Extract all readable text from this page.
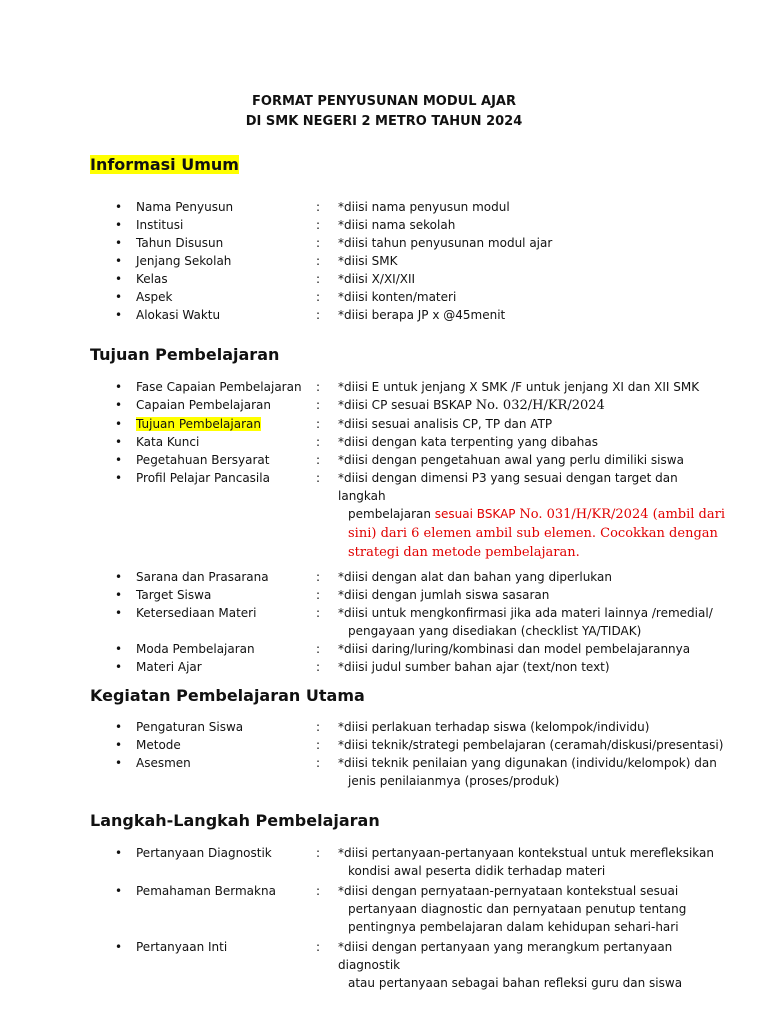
FORMAT PENYUSUNAN MODUL AJAR
DI SMK NEGERI 2 METRO TAHUN 2024
Informasi Umum
• Nama Penyusun	: *diisi nama penyusun modul
• Institusi	: *diisi nama sekolah
• Tahun Disusun	: *diisi tahun penyusunan modul ajar
• Jenjang Sekolah	: *diisi SMK
• Kelas	: *diisi X/XI/XII
• Aspek	: *diisi konten/materi
• Alokasi Waktu	: *diisi berapa JP x @45menit
Tujuan Pembelajaran
• Fase Capaian Pembelajaran : *diisi E untuk jenjang X SMK /F untuk jenjang XI dan XII SMK
• Capaian Pembelajaran	: *diisi CP sesuai BSKAP No. 032/H/KR/2024
• Tujuan Pembelajaran	: *diisi sesuai analisis CP, TP dan ATP
• Kata Kunci	: *diisi dengan kata terpenting yang dibahas
• Pegetahuan Bersyarat	: *diisi dengan pengetahuan awal yang perlu dimiliki siswa
• Profil Pelajar Pancasila	: *diisi dengan dimensi P3 yang sesuai dengan target dan langkah
pembelajaran sesuai BSKAP No. 031/H/KR/2024 (ambil dari sini) dari 6 elemen ambil sub elemen. Cocokkan dengan strategi dan metode pembelajaran.
• Sarana dan Prasarana	: *diisi dengan alat dan bahan yang diperlukan
• Target Siswa	: *diisi dengan jumlah siswa sasaran
• Ketersediaan Materi	: *diisi untuk mengkonfirmasi jika ada materi lainnya /remedial/
pengayaan yang disediakan (checklist YA/TIDAK)
• Moda Pembelajaran	: *diisi daring/luring/kombinasi dan model pembelajarannya
• Materi Ajar	: *diisi judul sumber bahan ajar (text/non text)
Kegiatan Pembelajaran Utama
• Pengaturan Siswa	: *diisi perlakuan terhadap siswa (kelompok/individu)
• Metode	: *diisi teknik/strategi pembelajaran (ceramah/diskusi/presentasi)
• Asesmen	: *diisi teknik penilaian yang digunakan (individu/kelompok) dan
jenis penilaianmya (proses/produk)
Langkah-Langkah Pembelajaran
• Pertanyaan Diagnostik	: *diisi pertanyaan-pertanyaan kontekstual untuk merefleksikan
kondisi awal peserta didik terhadap materi
• Pemahaman Bermakna	: *diisi dengan pernyataan-pernyataan kontekstual sesuai
pertanyaan diagnostic dan pernyataan penutup tentang pentingnya pembelajaran dalam kehidupan sehari-hari
• Pertanyaan Inti	: *diisi dengan pertanyaan yang merangkum pertanyaan diagnostik
atau pertanyaan sebagai bahan refleksi guru dan siswa
